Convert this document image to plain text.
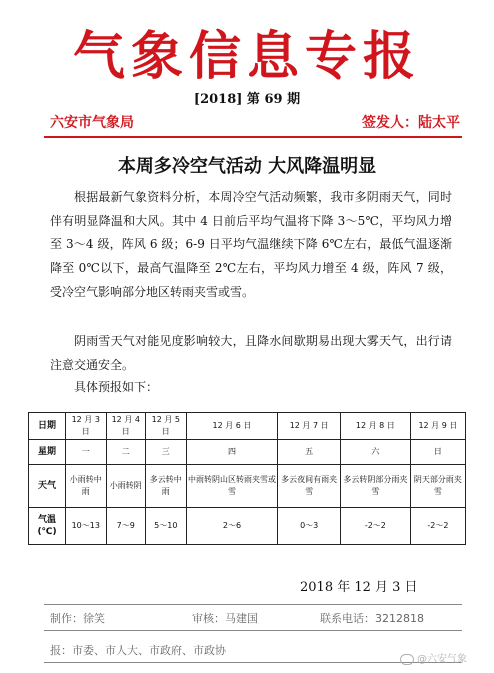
气象信息专报
[2018] 第 69 期
六安市气象局	签发人：陆太平
本周多冷空气活动 大风降温明显
根据最新气象资料分析，本周冷空气活动频繁，我市多阴雨天气，同时伴有明显降温和大风。其中 4 日前后平均气温将下降 3～5℃，平均风力增至 3～4 级，阵风 6 级；6-9 日平均气温继续下降 6℃左右，最低气温逐渐降至 0℃以下，最高气温降至 2℃左右，平均风力增至 4 级，阵风 7 级，受冷空气影响部分地区转雨夹雪或雪。
阴雨雪天气对能见度影响较大，且降水间歇期易出现大雾天气，出行请注意交通安全。
具体预报如下：
日期	12 月 3 日	12 月 4 日	12 月 5 日	12 月 6 日	12 月 7 日	12 月 8 日	12 月 9 日
星期	一	二	三	四	五	六	日
天气	小雨转中雨	小雨转阴	多云转中雨	中雨转阴山区转雨夹雪或雪	多云夜间有雨夹雪	多云转阴部分雨夹雪	阴天部分雨夹雪
气温(℃)	10～13	7～9	5～10	2～6	0～3	-2～2	-2～2
2018 年 12 月 3 日
制作：徐笑	审核：马建国	联系电话：3212818
报：市委、市人大、市政府、市政协
@六安气象
